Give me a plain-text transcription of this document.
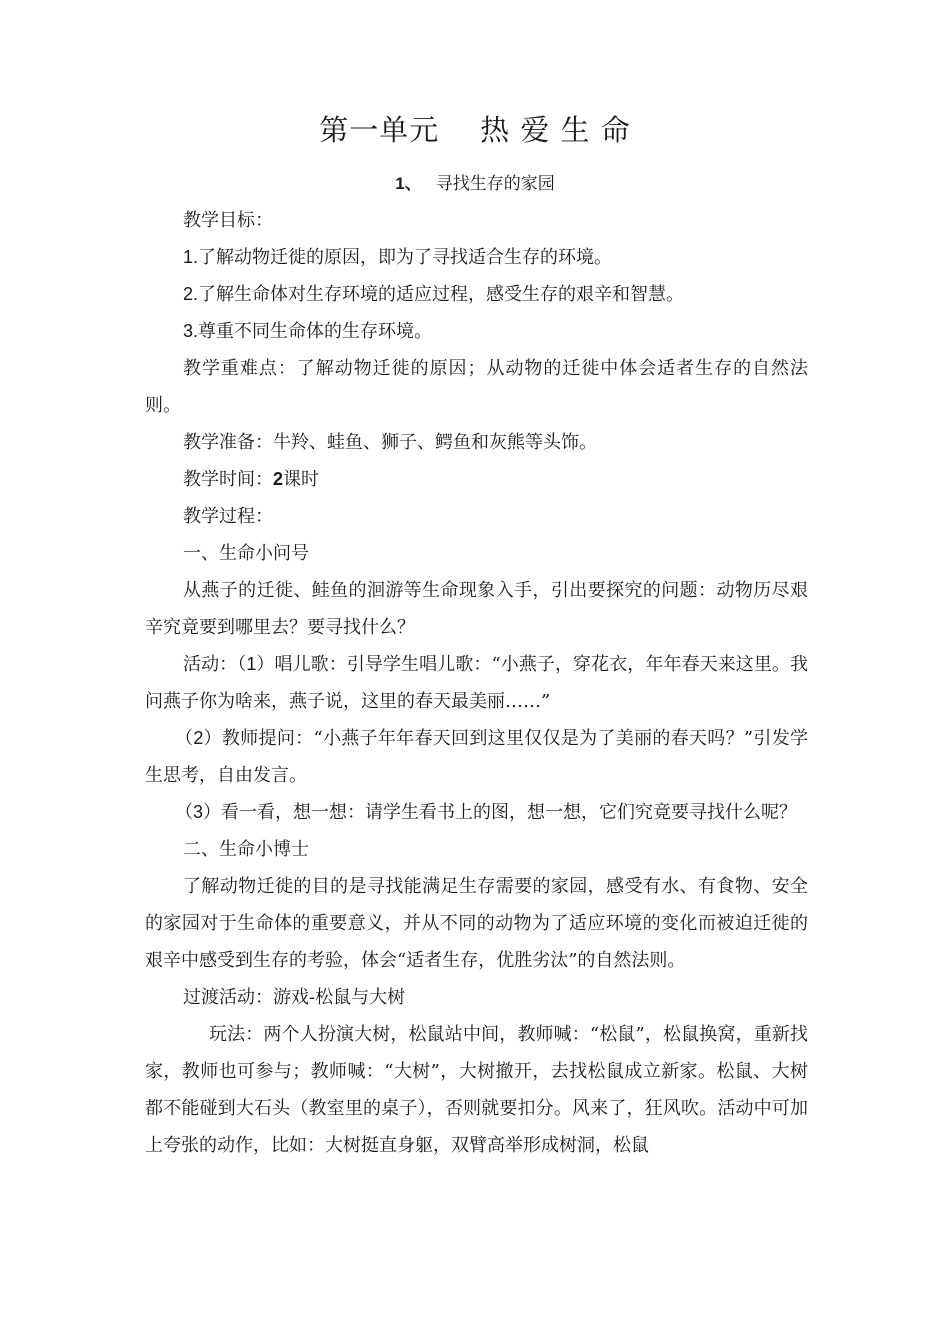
第一单元    热 爱 生 命
1、 寻找生存的家园

教学目标：

1.了解动物迁徙的原因，即为了寻找适合生存的环境。

2.了解生命体对生存环境的适应过程，感受生存的艰辛和智慧。

3.尊重不同生命体的生存环境。

教学重难点：了解动物迁徙的原因；从动物的迁徙中体会适者生存的自然法则。

教学准备：牛羚、蛙鱼、狮子、鳄鱼和灰熊等头饰。

教学时间：2课时

教学过程：

一、生命小问号

从燕子的迁徙、鲑鱼的洄游等生命现象入手，引出要探究的问题：动物历尽艰辛究竟要到哪里去？要寻找什么？

活动：（1）唱儿歌：引导学生唱儿歌：“小燕子，穿花衣，年年春天来这里。我问燕子你为啥来，燕子说，这里的春天最美丽……”

（2）教师提问：“小燕子年年春天回到这里仅仅是为了美丽的春天吗？”引发学生思考，自由发言。

（3）看一看，想一想：请学生看书上的图，想一想，它们究竟要寻找什么呢？

二、生命小博士

了解动物迁徙的目的是寻找能满足生存需要的家园，感受有水、有食物、安全的家园对于生命体的重要意义，并从不同的动物为了适应环境的变化而被迫迁徙的艰辛中感受到生存的考验，体会“适者生存，优胜劣汰”的自然法则。

过渡活动：游戏-松鼠与大树

玩法：两个人扮演大树，松鼠站中间，教师喊：“松鼠”，松鼠换窝，重新找家，教师也可参与；教师喊：“大树”，大树撤开，去找松鼠成立新家。松鼠、大树都不能碰到大石头（教室里的桌子），否则就要扣分。风来了，狂风吹。活动中可加上夸张的动作，比如：大树挺直身躯，双臂高举形成树洞，松鼠
